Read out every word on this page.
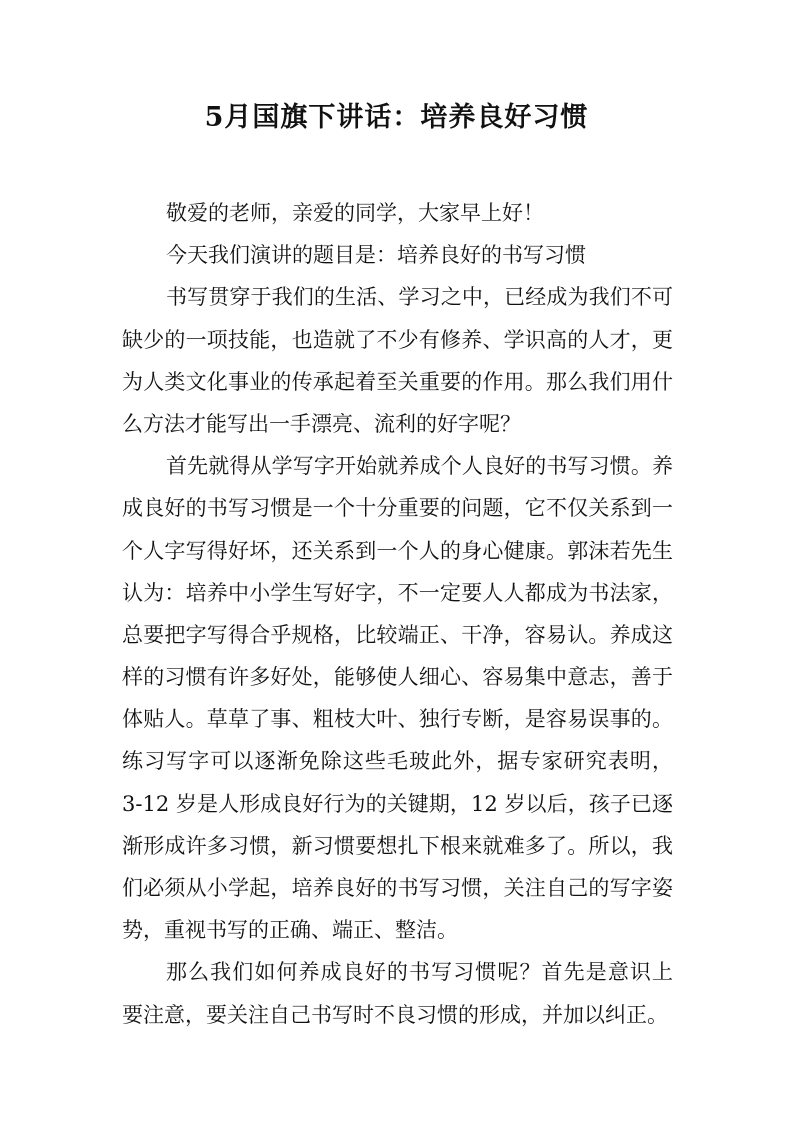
5月国旗下讲话：培养良好习惯
敬爱的老师，亲爱的同学，大家早上好！
今天我们演讲的题目是：培养良好的书写习惯
书写贯穿于我们的生活、学习之中，已经成为我们不可
缺少的一项技能，也造就了不少有修养、学识高的人才，更
为人类文化事业的传承起着至关重要的作用。那么我们用什
么方法才能写出一手漂亮、流利的好字呢？
首先就得从学写字开始就养成个人良好的书写习惯。养
成良好的书写习惯是一个十分重要的问题，它不仅关系到一
个人字写得好坏，还关系到一个人的身心健康。郭沫若先生
认为：培养中小学生写好字，不一定要人人都成为书法家，
总要把字写得合乎规格，比较端正、干净，容易认。养成这
样的习惯有许多好处，能够使人细心、容易集中意志，善于
体贴人。草草了事、粗枝大叶、独行专断，是容易误事的。
练习写字可以逐渐免除这些毛玻此外，据专家研究表明，
3-12 岁是人形成良好行为的关键期，12 岁以后，孩子已逐
渐形成许多习惯，新习惯要想扎下根来就难多了。所以，我
们必须从小学起，培养良好的书写习惯，关注自己的写字姿
势，重视书写的正确、端正、整洁。
那么我们如何养成良好的书写习惯呢？首先是意识上
要注意，要关注自己书写时不良习惯的形成，并加以纠正。
